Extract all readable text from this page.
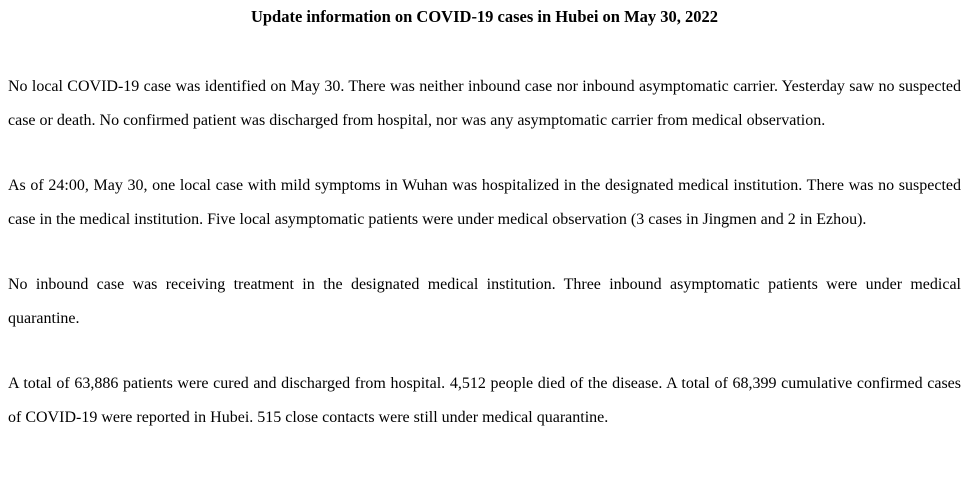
Update information on COVID-19 cases in Hubei on May 30, 2022

No local COVID-19 case was identified on May 30. There was neither inbound case nor inbound asymptomatic carrier. Yesterday saw no suspected case or death. No confirmed patient was discharged from hospital, nor was any asymptomatic carrier from medical observation.

As of 24:00, May 30, one local case with mild symptoms in Wuhan was hospitalized in the designated medical institution. There was no suspected case in the medical institution. Five local asymptomatic patients were under medical observation (3 cases in Jingmen and 2 in Ezhou).

No inbound case was receiving treatment in the designated medical institution. Three inbound asymptomatic patients were under medical quarantine.

A total of 63,886 patients were cured and discharged from hospital. 4,512 people died of the disease. A total of 68,399 cumulative confirmed cases of COVID-19 were reported in Hubei. 515 close contacts were still under medical quarantine.
